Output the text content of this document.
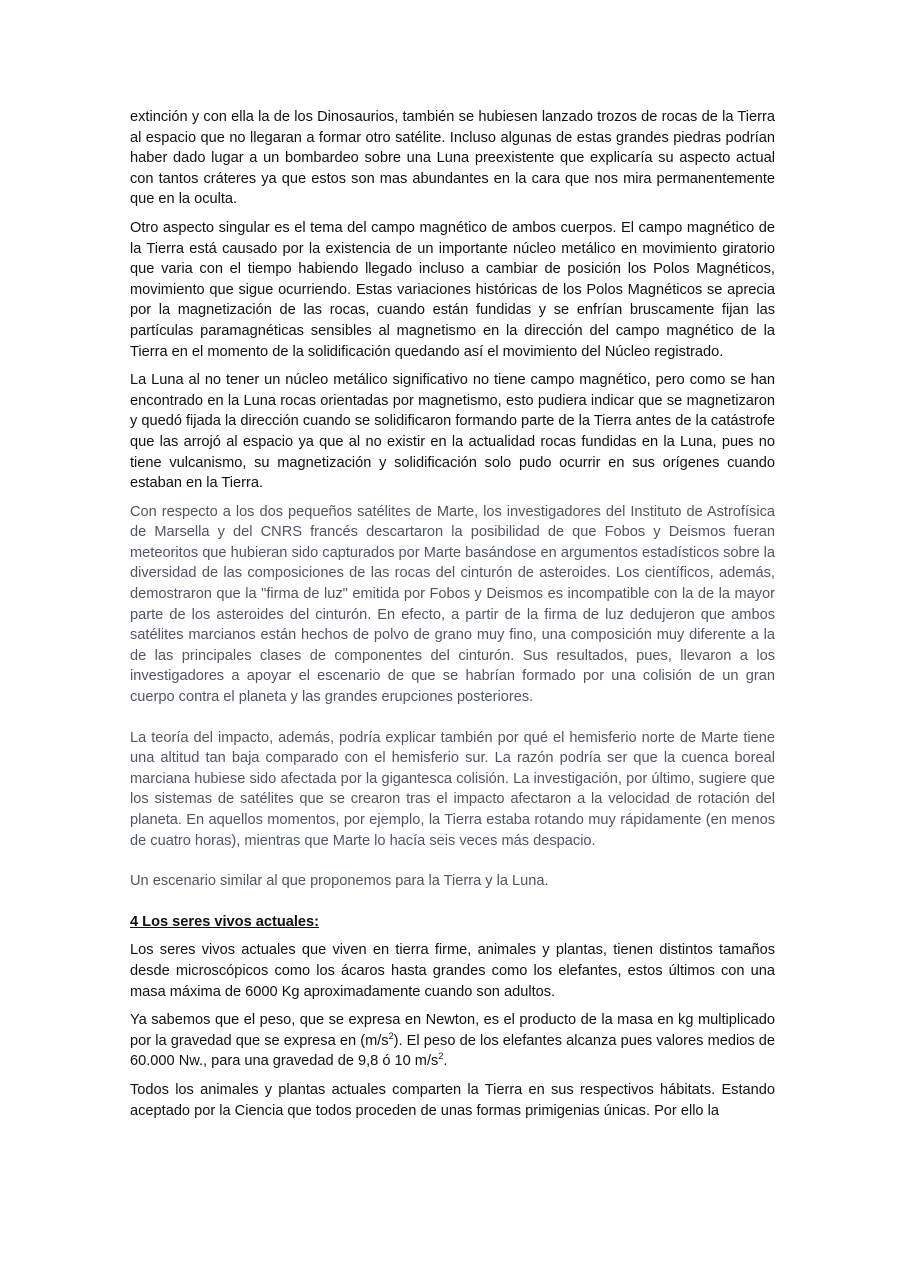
extinción y con ella la de los Dinosaurios, también se hubiesen lanzado trozos de rocas de la Tierra al espacio que no llegaran a formar otro satélite. Incluso algunas de estas grandes piedras podrían haber dado lugar a un bombardeo sobre una Luna preexistente que explicaría su aspecto actual con tantos cráteres ya que estos son mas abundantes en la cara que nos mira permanentemente que en la oculta.

Otro aspecto singular es el tema del campo magnético de ambos cuerpos. El campo magnético de la Tierra está causado por la existencia de un importante núcleo metálico en movimiento giratorio que varia con el tiempo habiendo llegado incluso a cambiar de posición los Polos Magnéticos, movimiento que sigue ocurriendo. Estas variaciones históricas de los Polos Magnéticos se aprecia por la magnetización de las rocas, cuando están fundidas y se enfrían bruscamente fijan las partículas paramagnéticas sensibles al magnetismo en la dirección del campo magnético de la Tierra en el momento de la solidificación quedando así el movimiento del Núcleo registrado.

La Luna al no tener un núcleo metálico significativo no tiene campo magnético, pero como se han encontrado en la Luna rocas orientadas por magnetismo, esto pudiera indicar que se magnetizaron y quedó fijada la dirección cuando se solidificaron formando parte de la Tierra antes de la catástrofe que las arrojó al espacio ya que al no existir en la actualidad rocas fundidas en la Luna, pues no tiene vulcanismo, su magnetización y solidificación solo pudo ocurrir en sus orígenes cuando estaban en la Tierra.

Con respecto a los dos pequeños satélites de Marte, los investigadores del Instituto de Astrofísica de Marsella y del CNRS francés descartaron la posibilidad de que Fobos y Deismos fueran meteoritos que hubieran sido capturados por Marte basándose en argumentos estadísticos sobre la diversidad de las composiciones de las rocas del cinturón de asteroides. Los científicos, además, demostraron que la "firma de luz" emitida por Fobos y Deismos es incompatible con la de la mayor parte de los asteroides del cinturón. En efecto, a partir de la firma de luz dedujeron que ambos satélites marcianos están hechos de polvo de grano muy fino, una composición muy diferente a la de las principales clases de componentes del cinturón. Sus resultados, pues, llevaron a los investigadores a apoyar el escenario de que se habrían formado por una colisión de un gran cuerpo contra el planeta y las grandes erupciones posteriores.

La teoría del impacto, además, podría explicar también por qué el hemisferio norte de Marte tiene una altitud tan baja comparado con el hemisferio sur. La razón podría ser que la cuenca boreal marciana hubiese sido afectada por la gigantesca colisión. La investigación, por último, sugiere que los sistemas de satélites que se crearon tras el impacto afectaron a la velocidad de rotación del planeta. En aquellos momentos, por ejemplo, la Tierra estaba rotando muy rápidamente (en menos de cuatro horas), mientras que Marte lo hacía seis veces más despacio.

Un escenario similar al que proponemos para la Tierra y la Luna.

4 Los seres vivos actuales:

Los seres vivos actuales que viven en tierra firme, animales y plantas, tienen distintos tamaños desde microscópicos como los ácaros hasta grandes como los elefantes, estos últimos con una masa máxima de 6000 Kg aproximadamente cuando son adultos.

Ya sabemos que el peso, que se expresa en Newton, es el producto de la masa en kg multiplicado por la gravedad que se expresa en $(m/s^2)$. El peso de los elefantes alcanza pues valores medios de 60.000 Nw., para una gravedad de 9,8 ó 10 $m/s^2$.

Todos los animales y plantas actuales comparten la Tierra en sus respectivos hábitats. Estando aceptado por la Ciencia que todos proceden de unas formas primigenias únicas. Por ello la
